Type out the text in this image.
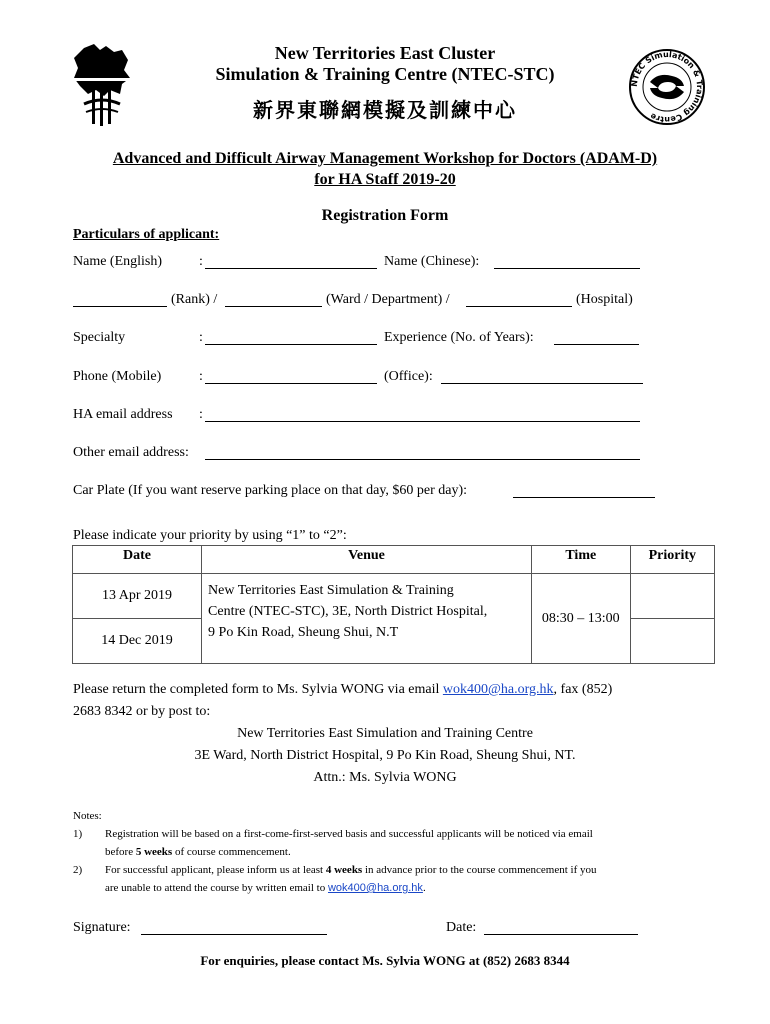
New Territories East Cluster
Simulation & Training Centre (NTEC-STC)
新界東聯網模擬及訓練中心
NTEC Simulation & Training Centre
Advanced and Difficult Airway Management Workshop for Doctors (ADAM-D)
for HA Staff 2019-20
Registration Form
Particulars of applicant:
Name (English)	:	Name (Chinese):
(Rank) /	(Ward / Department) /	(Hospital)
Specialty	:	Experience (No. of Years):
Phone (Mobile)	:	(Office):
HA email address :
Other email address:
Car Plate (If you want reserve parking place on that day, $60 per day):
Please indicate your priority by using “1” to “2”:
Date	Venue	Time	Priority
13 Apr 2019	New Territories East Simulation & Training
Centre (NTEC-STC), 3E, North District Hospital,
9 Po Kin Road, Sheung Shui, N.T	08:30 – 13:00	
14 Dec 2019			
Please return the completed form to Ms. Sylvia WONG via email wok400@ha.org.hk, fax (852)
2683 8342 or by post to:
New Territories East Simulation and Training Centre
3E Ward, North District Hospital, 9 Po Kin Road, Sheung Shui, NT.
Attn.: Ms. Sylvia WONG
Notes:
1) Registration will be based on a first-come-first-served basis and successful applicants will be noticed via email
before 5 weeks of course commencement.
2) For successful applicant, please inform us at least 4 weeks in advance prior to the course commencement if you
are unable to attend the course by written email to wok400@ha.org.hk.
Signature:	Date:
For enquiries, please contact Ms. Sylvia WONG at (852) 2683 8344
